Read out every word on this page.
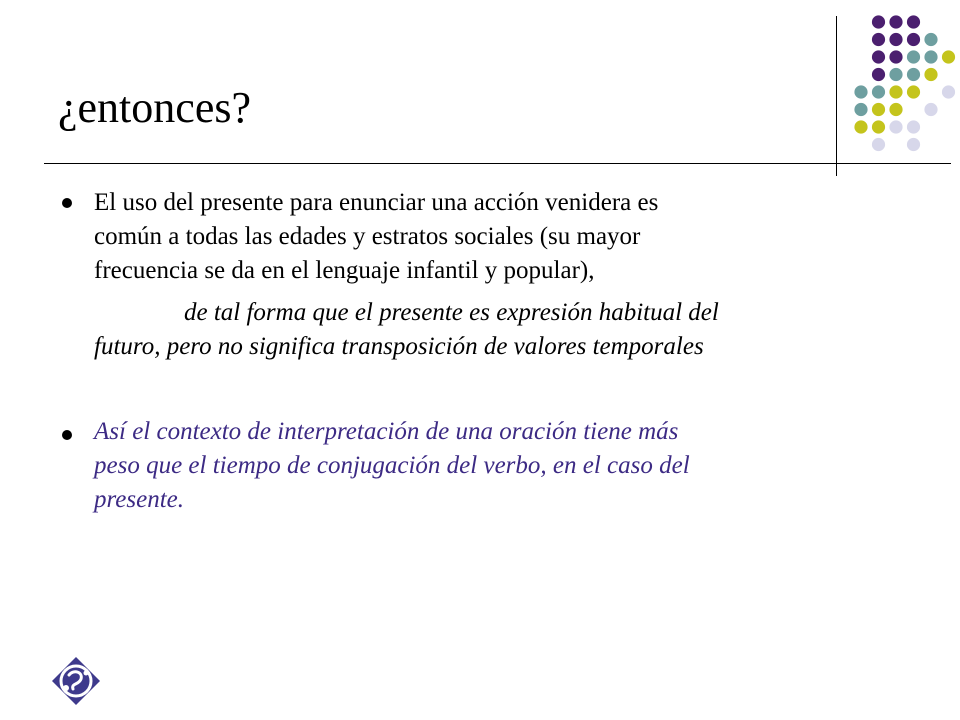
¿entonces?
El uso del presente para enunciar una acción venidera es
común a todas las edades y estratos sociales (su mayor
frecuencia se da en el lenguaje infantil y popular),
de tal forma que el presente es expresión habitual del
futuro, pero no significa transposición de valores temporales
Así el contexto de interpretación de una oración tiene más
peso que el tiempo de conjugación del verbo, en el caso del
presente.
